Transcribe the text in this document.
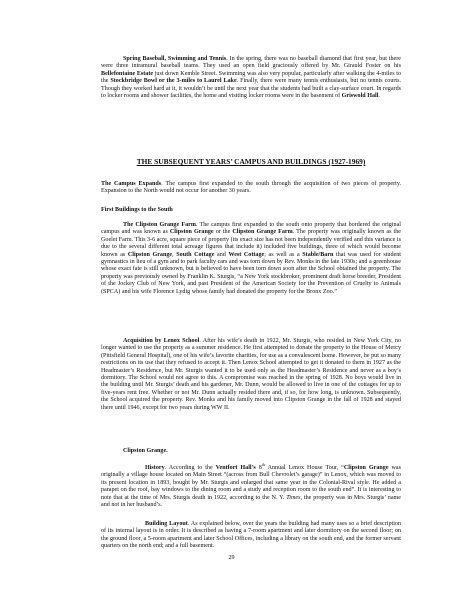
Spring Baseball, Swimming and Tennis. In the spring, there was no baseball diamond that first year, but there were three intramural baseball teams. They used an open field graciously offered by Mr. Girauld Foster on his Bellefontaine Estate just down Kemble Street. Swimming was also very popular, particularly after walking the 4-miles to the Stockbridge Bowl or the 3-miles to Laurel Lake. Finally, there were many tennis enthusiasts, but no tennis courts. Though they worked hard at it, it wouldn’t be until the next year that the students had built a clay-surface court. In regards to locker rooms and shower facilities, the home and visiting locker rooms were in the basement of Griswold Hall.
THE SUBSEQUENT YEARS’ CAMPUS AND BUILDINGS (1927-1969)
The Campus Expands. The campus first expanded to the south through the acquisition of two pieces of property. Expansion to the North would not occur for another 30 years.
First Buildings to the South
The Clipston Grange Farm. The campus first expanded to the south onto property that bordered the original campus and was known as Clipston Grange or the Clipston Grange Farm. The property was originally known as the Goelet Farm. This 3-6 acre, square piece of property (its exact size has not been independently verified and this variance is due to the several different total acreage figures that include it) included five buildings, three of which would become known as Clipston Grange, South Cottage and West Cottage; as well as a Stable/Barn that was used for student gymnastics in lieu of a gym and to park faculty cars and was torn down by Rev. Monks in the late 1930s; and a greenhouse whose exact fate is still unknown, but is believed to have been torn down soon after the School obtained the property. The property was previously owned by Franklin K. Sturgis, “a New York stockbroker, prominent draft horse breeder, President of the Jockey Club of New York, and past President of the American Society for the Prevention of Cruelty to Animals (SPCA) and his wife Florence Lydig whose family had donated the property for the Bronx Zoo.”
Acquisition by Lenox School. After his wife’s death in 1922, Mr. Sturgis, who resided in New York City, no longer wanted to use the property as a summer residence. He first attempted to donate the property to the House of Mercy (Pittsfield General Hospital), one of his wife’s favorite charities, for use as a convalescent home. However, he put so many restrictions on its use that they refused to accept it. Then Lenox School attempted to get it donated to them in 1927 as the Headmaster’s Residence, but Mr. Sturgis wanted it to be used only as the Headmaster’s Residence and never as a boy’s dormitory. The School would not agree to this. A compromise was reached in the spring of 1928. No boys would live in the building until Mr. Sturgis’ death and his gardener, Mr. Dunn, would be allowed to live in one of the cottages for up to five-years rent free. Whether or not Mr. Dunn actually resided there and, if so, for how long, is unknown. Subsequently, the School acquired the property. Rev. Monks and his family moved into Clipston Grange in the fall of 1928 and stayed there until 1946, except for two years during WW II.
Clipston Grange.
History. According to the Ventfort Hall’s 8th Annual Lenox House Tour, “Clipston Grange was originally a village house located on Main Street “(across from Bull Chevrolet’s garage)” in Lenox, which was moved to its present location in 1893, bought by Mr. Sturgis and enlarged that same year in the Colonial-Rival style. He added a parapet on the roof, bay windows to the dining room and a study and reception room to the south end”. It is interesting to note that at the time of Mrs. Sturgis death in 1922, according to the N. Y. Times, the property was in Mrs. Sturgis’ name and not in her husband’s.
Building Layout. As explained below, over the years the building had many uses so a brief description of its internal layout is in order. It is described as having a 7-room apartment and later dormitory on the second floor; on the ground floor, a 5-room apartment and later School Offices, including a library on the south end, and the former servant quarters on the north end; and a full basement.
29
